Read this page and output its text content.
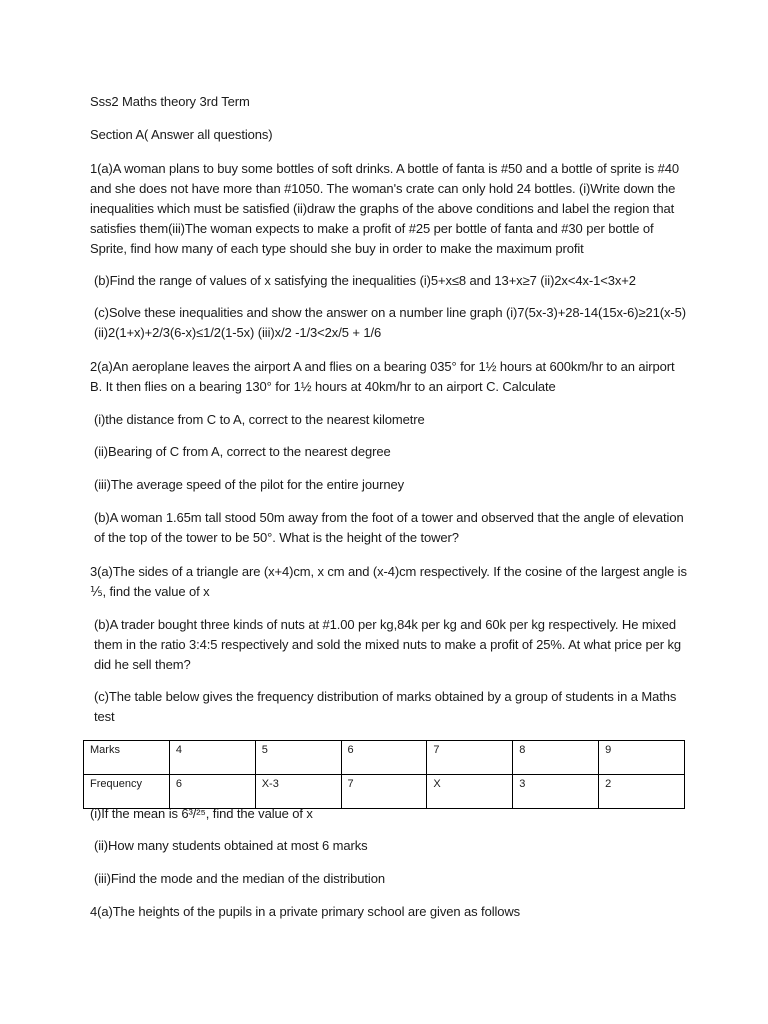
Sss2 Maths theory 3rd Term

Section A( Answer all questions)

1(a)A woman plans to buy some bottles of soft drinks. A bottle of fanta is #50 and a bottle of sprite is #40 and she does not have more than #1050. The woman's crate can only hold 24 bottles. (i)Write down the inequalities which must be satisfied (ii)draw the graphs of the above conditions and label the region that satisfies them(iii)The woman expects to make a profit of #25 per bottle of fanta and #30 per bottle of Sprite, find how many of each type should she buy in order to make the maximum profit

(b)Find the range of values of x satisfying the inequalities (i)5+x≤8 and 13+x≥7 (ii)2x<4x-1<3x+2

(c)Solve these inequalities and show the answer on a number line graph (i)7(5x-3)+28-14(15x-6)≥21(x-5) (ii)2(1+x)+2/3(6-x)≤1/2(1-5x) (iii)x/2 -1/3<2x/5 + 1/6

2(a)An aeroplane leaves the airport A and flies on a bearing 035° for 1½ hours at 600km/hr to an airport B. It then flies on a bearing 130° for 1½ hours at 40km/hr to an airport C. Calculate

(i)the distance from C to A, correct to the nearest kilometre

(ii)Bearing of C from A, correct to the nearest degree

(iii)The average speed of the pilot for the entire journey

(b)A woman 1.65m tall stood 50m away from the foot of a tower and observed that the angle of elevation of the top of the tower to be 50°. What is the height of the tower?

3(a)The sides of a triangle are (x+4)cm, x cm and (x-4)cm respectively. If the cosine of the largest angle is ⅕, find the value of x

(b)A trader bought three kinds of nuts at #1.00 per kg,84k per kg and 60k per kg respectively. He mixed them in the ratio 3:4:5 respectively and sold the mixed nuts to make a profit of 25%. At what price per kg did he sell them?

(c)The table below gives the frequency distribution of marks obtained by a group of students in a Maths test

Marks	4	5	6	7	8	9
Frequency	6	X-3	7	X	3	2

(i)If the mean is 6³/²⁵, find the value of x

(ii)How many students obtained at most 6 marks

(iii)Find the mode and the median of the distribution

4(a)The heights of the pupils in a private primary school are given as follows
